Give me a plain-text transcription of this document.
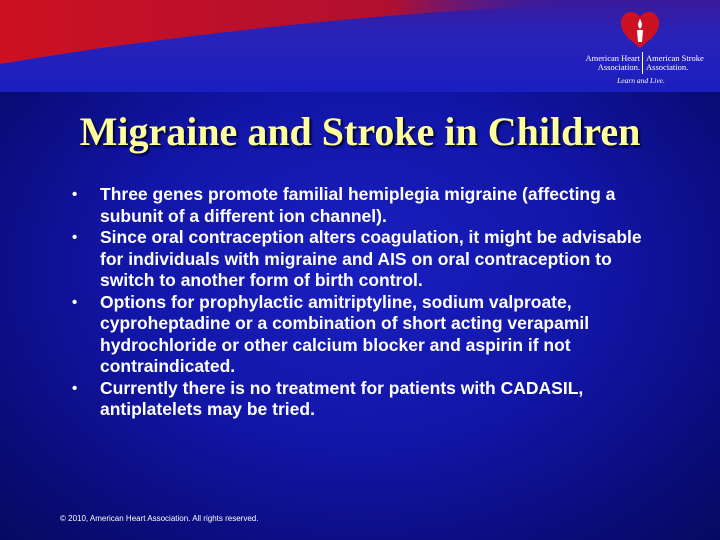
American Heart
Association.
American Stroke
Association.
Learn and Live.
Migraine and Stroke in Children
• Three genes promote familial hemiplegia migraine (affecting a subunit of a different ion channel).
• Since oral contraception alters coagulation, it might be advisable for individuals with migraine and AIS on oral contraception to switch to another form of birth control.
• Options for prophylactic amitriptyline, sodium valproate, cyproheptadine or a combination of short acting verapamil hydrochloride or other calcium blocker and aspirin if not contraindicated.
• Currently there is no treatment for patients with CADASIL, antiplatelets may be tried.
© 2010, American Heart Association. All rights reserved.
